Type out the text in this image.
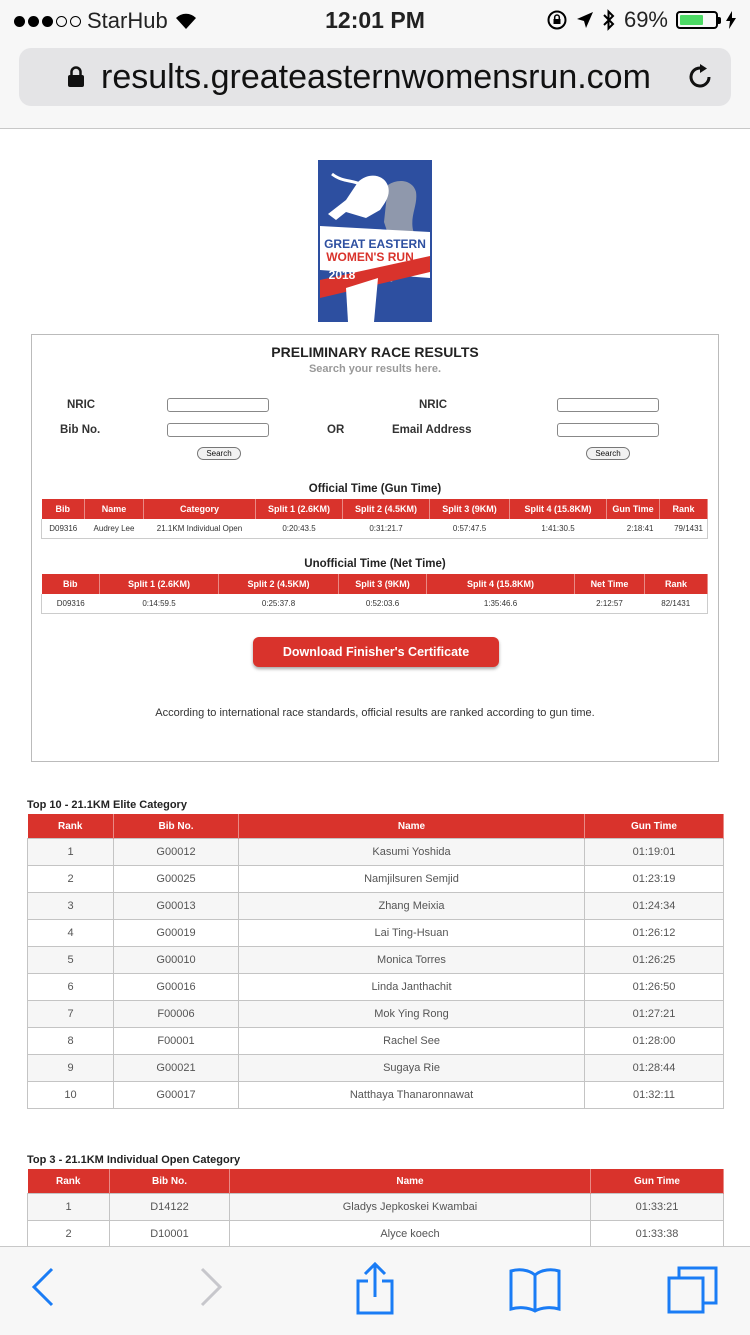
StarHub	12:01 PM	69%
results.greateasternwomensrun.com
GREAT EASTERN
WOMEN'S RUN
2018
PRELIMINARY RACE RESULTS
Search your results here.
NRIC
Bib No.
Search
OR
NRIC
Email Address
Search
Official Time (Gun Time)
Bib	Name	Category	Split 1 (2.6KM)	Split 2 (4.5KM)	Split 3 (9KM)	Split 4 (15.8KM)	Gun Time	Rank
D09316	Audrey Lee	21.1KM Individual Open	0:20:43.5	0:31:21.7	0:57:47.5	1:41:30.5	2:18:41	79/1431
Unofficial Time (Net Time)
Bib	Split 1 (2.6KM)	Split 2 (4.5KM)	Split 3 (9KM)	Split 4 (15.8KM)	Net Time	Rank
D09316	0:14:59.5	0:25:37.8	0:52:03.6	1:35:46.6	2:12:57	82/1431
Download Finisher's Certificate
According to international race standards, official results are ranked according to gun time.
Top 10 - 21.1KM Elite Category
Rank	Bib No.	Name	Gun Time
1	G00012	Kasumi Yoshida	01:19:01
2	G00025	Namjilsuren Semjid	01:23:19
3	G00013	Zhang Meixia	01:24:34
4	G00019	Lai Ting-Hsuan	01:26:12
5	G00010	Monica Torres	01:26:25
6	G00016	Linda Janthachit	01:26:50
7	F00006	Mok Ying Rong	01:27:21
8	F00001	Rachel See	01:28:00
9	G00021	Sugaya Rie	01:28:44
10	G00017	Natthaya Thanaronnawat	01:32:11
Top 3 - 21.1KM Individual Open Category
Rank	Bib No.	Name	Gun Time
1	D14122	Gladys Jepkoskei Kwambai	01:33:21
2	D10001	Alyce koech	01:33:38
